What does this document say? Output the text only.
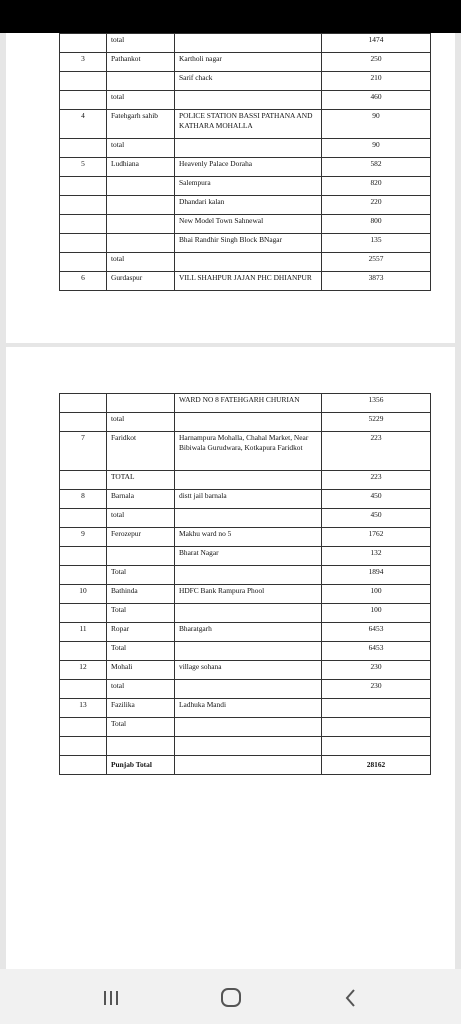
	total		1474
3	Pathankot	Kartholi nagar	250
		Sarif chack	210
	total		460
4	Fatehgarh sahib	POLICE STATION BASSI PATHANA AND KATHARA MOHALLA	90
	total		90
5	Ludhiana	Heavenly Palace Doraha	582
		Salempura	820
		Dhandari kalan	220
		New Model Town Sahnewal	800
		Bhai Randhir Singh Block BNagar	135
	total		2557
6	Gurdaspur	VILL SHAHPUR JAJAN PHC DHIANPUR	3873
		WARD NO 8 FATEHGARH CHURIAN	1356
	total		5229
7	Faridkot	Harnampura Mohalla, Chahal Market, Near Bibiwala Gurudwara, Kotkapura Faridkot	223
	TOTAL		223
8	Barnala	distt jail barnala	450
	total		450
9	Ferozepur	Makhu ward no 5	1762
		Bharat Nagar	132
	Total		1894
10	Bathinda	HDFC Bank Rampura Phool	100
	Total		100
11	Ropar	Bharatgarh	6453
	Total		6453
12	Mohali	village sohana	230
	total		230
13	Fazilika	Ladhuka Mandi	
	Total		

	Punjab Total		28162
